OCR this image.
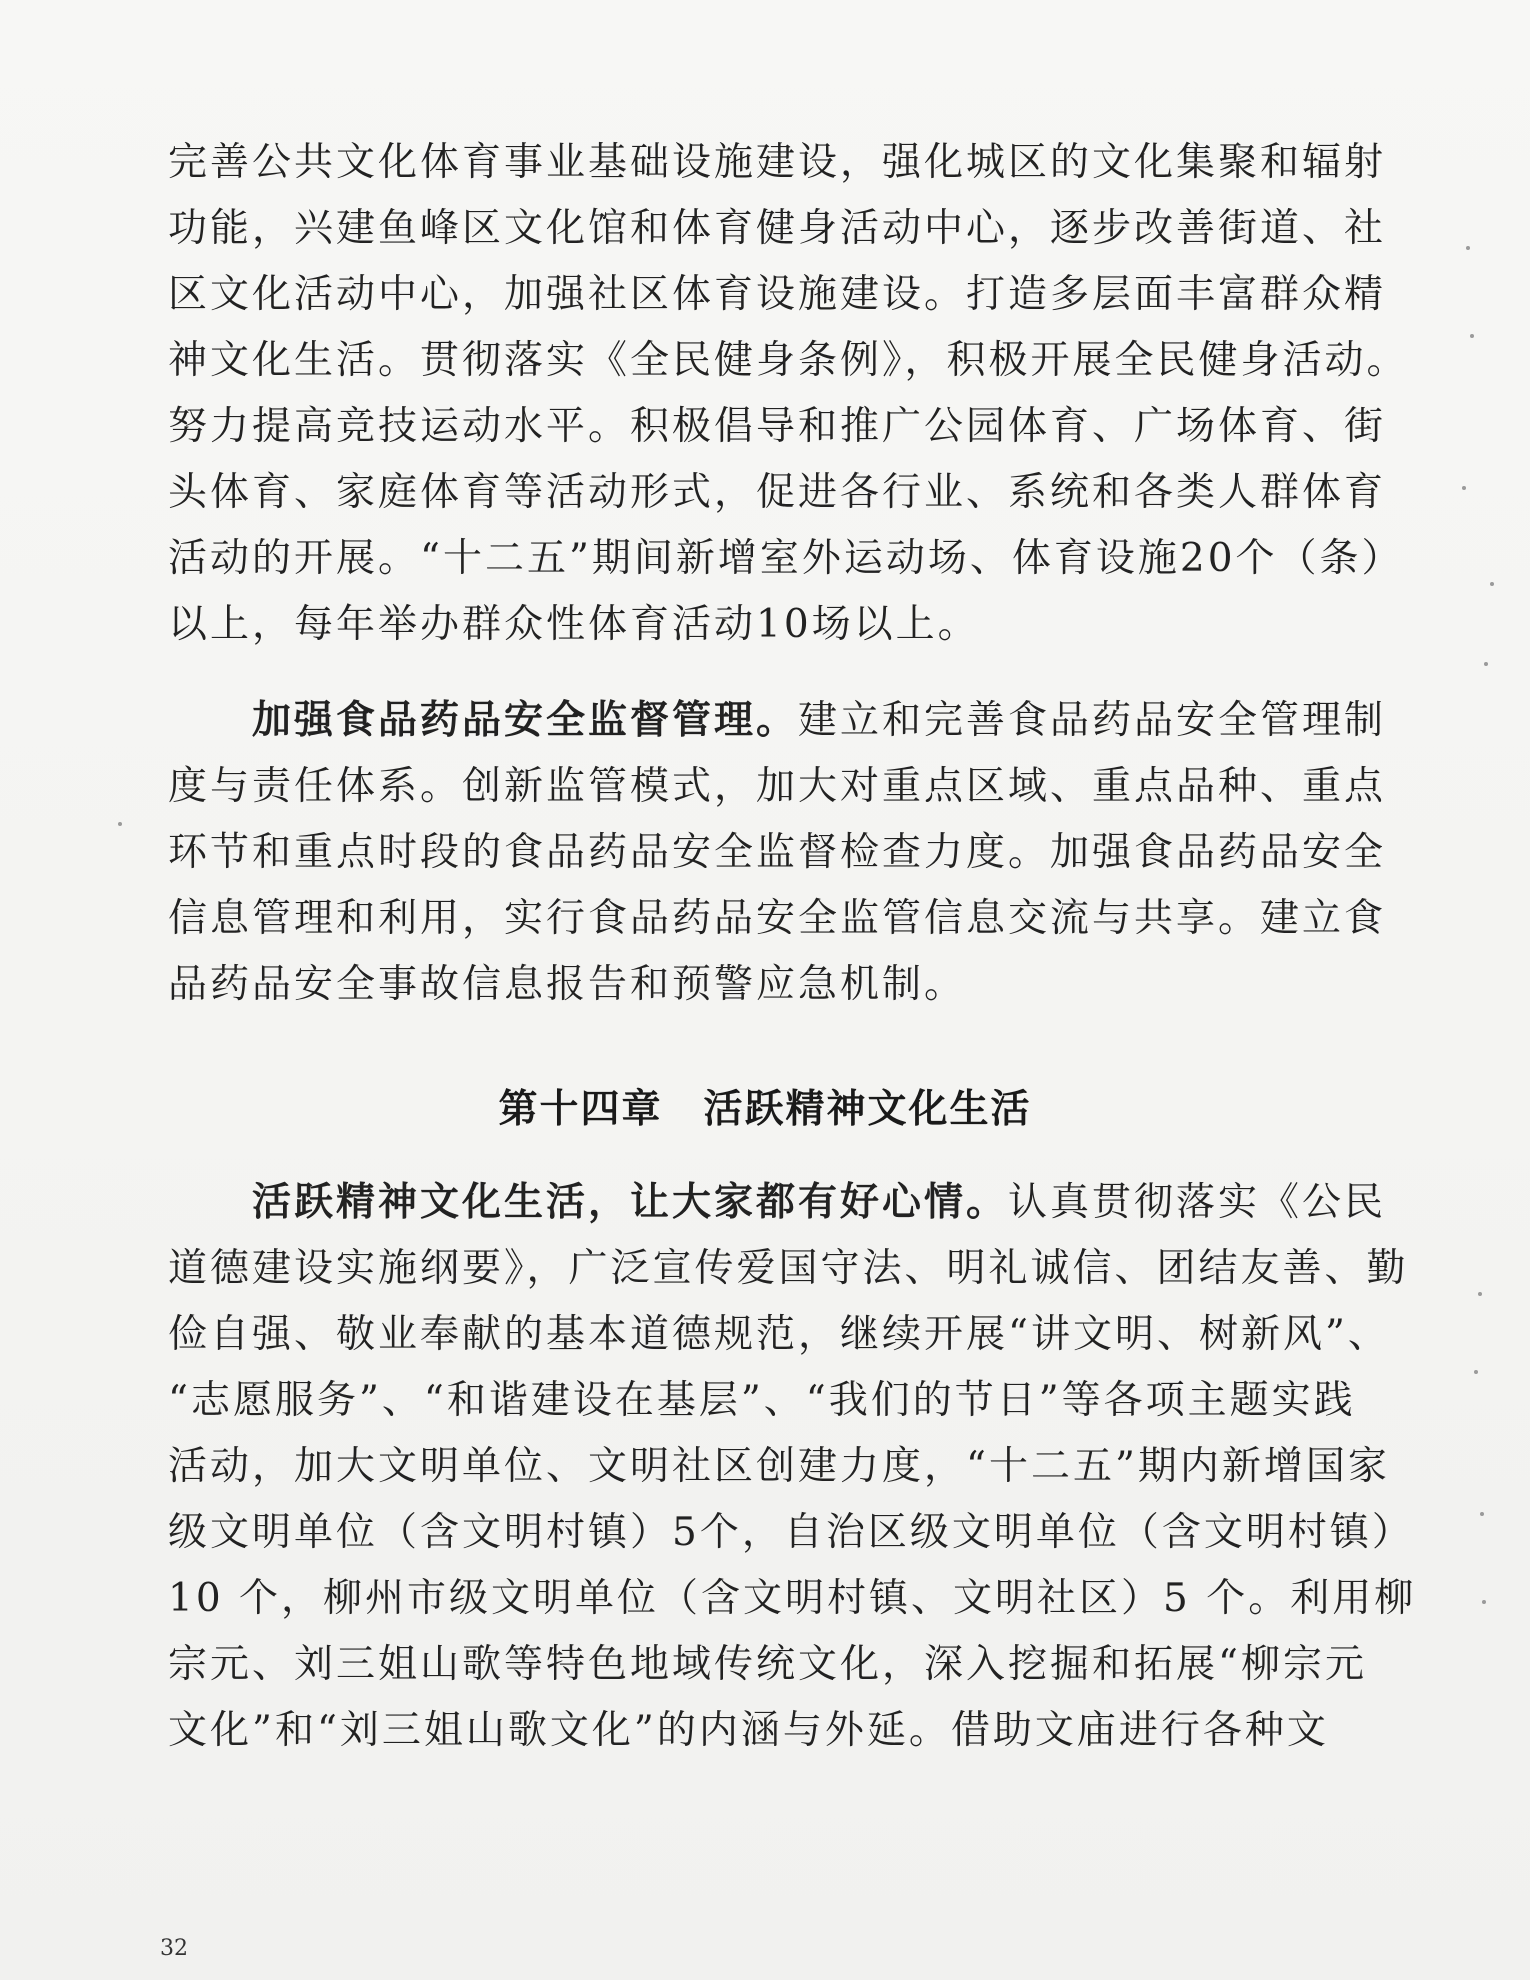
完善公共文化体育事业基础设施建设，强化城区的文化集聚和辐射
功能，兴建鱼峰区文化馆和体育健身活动中心，逐步改善街道、社
区文化活动中心，加强社区体育设施建设。打造多层面丰富群众精
神文化生活。贯彻落实《全民健身条例》，积极开展全民健身活动。
努力提高竞技运动水平。积极倡导和推广公园体育、广场体育、街
头体育、家庭体育等活动形式，促进各行业、系统和各类人群体育
活动的开展。“十二五”期间新增室外运动场、体育设施20个（条）
以上，每年举办群众性体育活动10场以上。
加强食品药品安全监督管理。建立和完善食品药品安全管理制
度与责任体系。创新监管模式，加大对重点区域、重点品种、重点
环节和重点时段的食品药品安全监督检查力度。加强食品药品安全
信息管理和利用，实行食品药品安全监管信息交流与共享。建立食
品药品安全事故信息报告和预警应急机制。
第十四章　活跃精神文化生活
活跃精神文化生活，让大家都有好心情。认真贯彻落实《公民
道德建设实施纲要》，广泛宣传爱国守法、明礼诚信、团结友善、勤
俭自强、敬业奉献的基本道德规范，继续开展“讲文明、树新风”、
“志愿服务”、“和谐建设在基层”、“我们的节日”等各项主题实践
活动，加大文明单位、文明社区创建力度，“十二五”期内新增国家
级文明单位（含文明村镇）5个，自治区级文明单位（含文明村镇）
10 个，柳州市级文明单位（含文明村镇、文明社区）5 个。利用柳
宗元、刘三姐山歌等特色地域传统文化，深入挖掘和拓展“柳宗元
文化”和“刘三姐山歌文化”的内涵与外延。借助文庙进行各种文
32
